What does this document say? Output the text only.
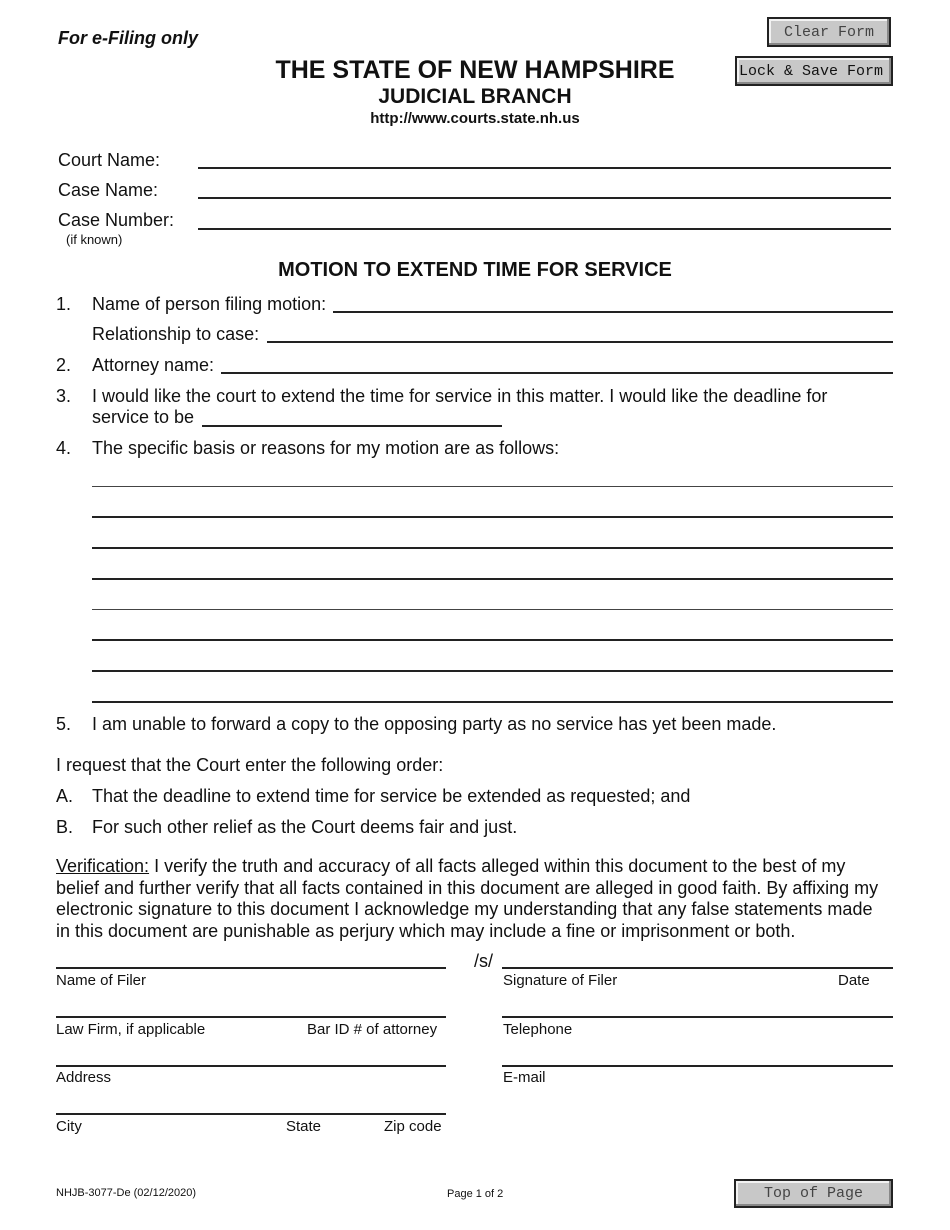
For e-Filing only
THE STATE OF NEW HAMPSHIRE
JUDICIAL BRANCH
http://www.courts.state.nh.us
Clear Form
Lock & Save Form
Court Name:
Case Name:
Case Number:
(if known)
MOTION TO EXTEND TIME FOR SERVICE
1. Name of person filing motion:
Relationship to case:
2. Attorney name:
3. I would like the court to extend the time for service in this matter. I would like the deadline for
service to be
4. The specific basis or reasons for my motion are as follows:
5. I am unable to forward a copy to the opposing party as no service has yet been made.
I request that the Court enter the following order:
A. That the deadline to extend time for service be extended as requested; and
B. For such other relief as the Court deems fair and just.
Verification: I verify the truth and accuracy of all facts alleged within this document to the best of my
belief and further verify that all facts contained in this document are alleged in good faith. By affixing my
electronic signature to this document I acknowledge my understanding that any false statements made
in this document are punishable as perjury which may include a fine or imprisonment or both.
/s/
Name of Filer	Signature of Filer	Date
Law Firm, if applicable	Bar ID # of attorney	Telephone
Address	E-mail
City	State	Zip code
NHJB-3077-De (02/12/2020)	Page 1 of 2	Top of Page
